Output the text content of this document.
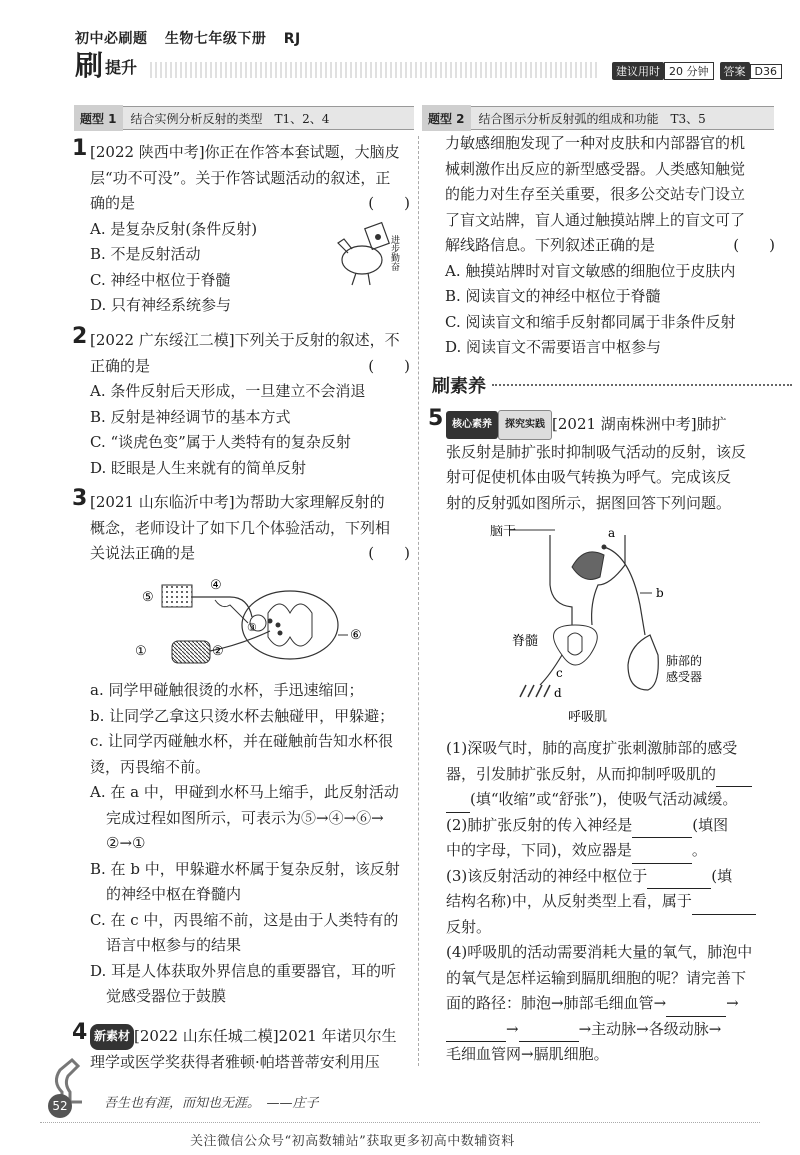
初中必刷题 生物七年级下册 RJ
刷 提升	建议用时 20 分钟	答案 D36
题型 1	结合实例分析反射的类型　T1、2、4	题型 2	结合图示分析反射弧的组成和功能　T3、5
1 [2022 陕西中考]你正在作答本套试题，大脑皮
层“功不可没”。关于作答试题活动的叙述，正
确的是	(　　)
A. 是复杂反射(条件反射)
B. 不是反射活动
C. 神经中枢位于脊髓
D. 只有神经系统参与
进步勤奋
2 [2022 广东绥江二模]下列关于反射的叙述，不
正确的是	(　　)
A. 条件反射后天形成，一旦建立不会消退
B. 反射是神经调节的基本方式
C. “谈虎色变”属于人类特有的复杂反射
D. 眨眼是人生来就有的简单反射
3 [2021 山东临沂中考]为帮助大家理解反射的
概念，老师设计了如下几个体验活动，下列相
关说法正确的是	(　　)
⑤
④
③
⑥
①	②
a. 同学甲碰触很烫的水杯，手迅速缩回；
b. 让同学乙拿这只烫水杯去触碰甲，甲躲避；
c. 让同学丙碰触水杯，并在碰触前告知水杯很
烫，丙畏缩不前。
A. 在 a 中，甲碰到水杯马上缩手，此反射活动
完成过程如图所示，可表示为⑤→④→⑥→
②→①
B. 在 b 中，甲躲避水杯属于复杂反射，该反射
的神经中枢在脊髓内
C. 在 c 中，丙畏缩不前，这是由于人类特有的
语言中枢参与的结果
D. 耳是人体获取外界信息的重要器官，耳的听
觉感受器位于鼓膜
4 新素材 [2022 山东任城二模]2021 年诺贝尔生
理学或医学奖获得者雅顿·帕塔普蒂安利用压
力敏感细胞发现了一种对皮肤和内部器官的机
械刺激作出反应的新型感受器。人类感知触觉
的能力对生存至关重要，很多公交站专门设立
了盲文站牌，盲人通过触摸站牌上的盲文可了
解线路信息。下列叙述正确的是	(　　)
A. 触摸站牌时对盲文敏感的细胞位于皮肤内
B. 阅读盲文的神经中枢位于脊髓
C. 阅读盲文和缩手反射都同属于非条件反射
D. 阅读盲文不需要语言中枢参与
刷素养
5 核心素养 探究实践 [2021 湖南株洲中考]肺扩
张反射是肺扩张时抑制吸气活动的反射，该反
射可促使机体由吸气转换为呼气。完成该反
射的反射弧如图所示，据图回答下列问题。
脑干	a
b
脊髓
肺部的
感受器
c
d
呼吸肌
(1)深吸气时，肺的高度扩张刺激肺部的感受
器，引发肺扩张反射，从而抑制呼吸肌的
(填“收缩”或“舒张”)，使吸气活动减缓。
(2)肺扩张反射的传入神经是	(填图
中的字母，下同)，效应器是	。
(3)该反射活动的神经中枢位于	(填
结构名称)中，从反射类型上看，属于
反射。
(4)呼吸肌的活动需要消耗大量的氧气，肺泡中
的氧气是怎样运输到膈肌细胞的呢？请完善下
面的路径：肺泡→肺部毛细血管→	→
→	→主动脉→各级动脉→
毛细血管网→膈肌细胞。
52	吾生也有涯，而知也无涯。　——庄子
关注微信公众号“初高数辅站”获取更多初高中数辅资料
